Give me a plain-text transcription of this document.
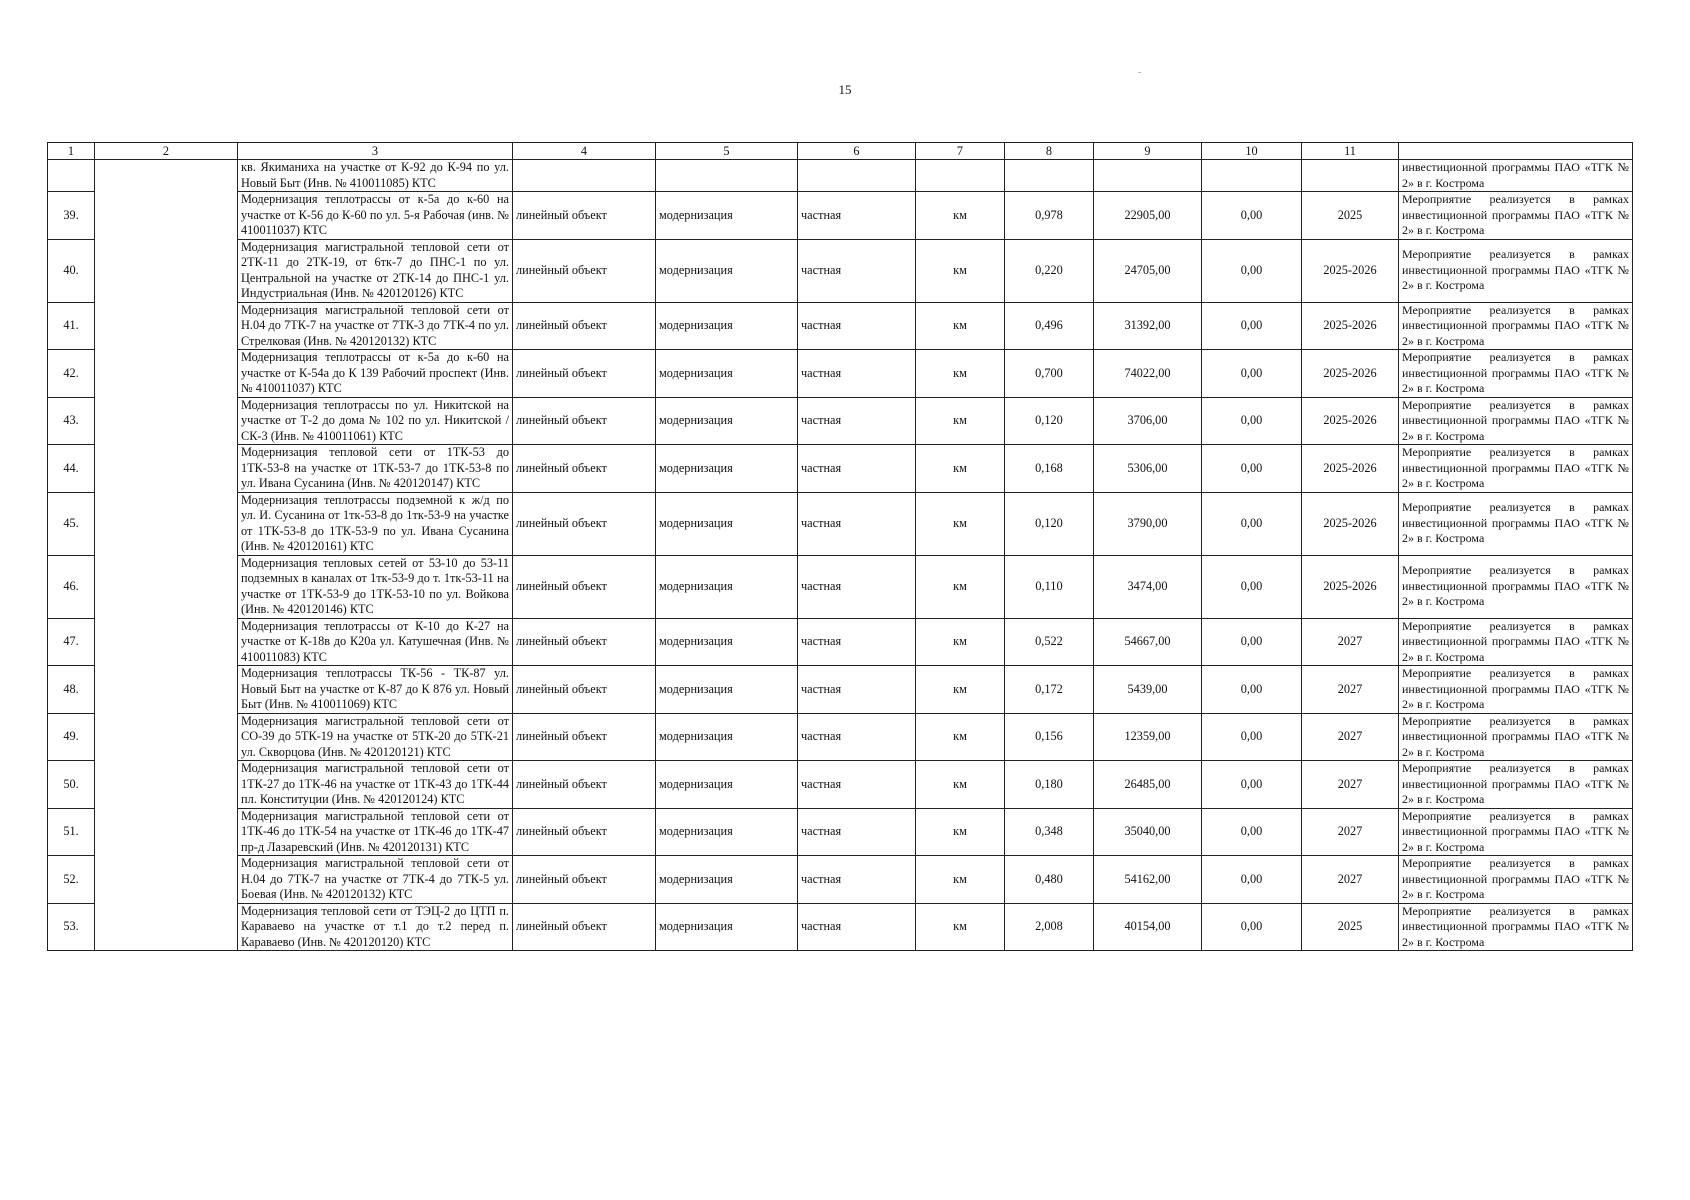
15
1	2	3	4	5	6	7	8	9	10	11	
		кв. Якиманиха на участке от К-92 до К-94 по ул. Новый Быт (Инв. № 410011085) КТС									инвестиционной программы ПАО «ТГК № 2» в г. Кострома
39.		Модернизация теплотрассы от к-5а до к-60 на участке от К-56 до К-60 по ул. 5-я Рабочая (инв. № 410011037) КТС	линейный объект	модернизация	частная	км	0,978	22905,00	0,00	2025	Мероприятие реализуется в рамках инвестиционной программы ПАО «ТГК № 2» в г. Кострома
40.		Модернизация магистральной тепловой сети от 2ТК-11 до 2ТК-19, от 6тк-7 до ПНС-1 по ул. Центральной на участке от 2ТК-14 до ПНС-1 ул. Индустриальная (Инв. № 420120126) КТС	линейный объект	модернизация	частная	км	0,220	24705,00	0,00	2025-2026	Мероприятие реализуется в рамках инвестиционной программы ПАО «ТГК № 2» в г. Кострома
41.		Модернизация магистральной тепловой сети от Н.04 до 7ТК-7 на участке от 7ТК-3 до 7ТК-4 по ул. Стрелковая (Инв. № 420120132) КТС	линейный объект	модернизация	частная	км	0,496	31392,00	0,00	2025-2026	Мероприятие реализуется в рамках инвестиционной программы ПАО «ТГК № 2» в г. Кострома
42.		Модернизация теплотрассы от к-5а до к-60 на участке от К-54а до К 139 Рабочий проспект (Инв. № 410011037) КТС	линейный объект	модернизация	частная	км	0,700	74022,00	0,00	2025-2026	Мероприятие реализуется в рамках инвестиционной программы ПАО «ТГК № 2» в г. Кострома
43.		Модернизация теплотрассы по ул. Никитской на участке от Т-2 до дома № 102 по ул. Никитской / СК-3 (Инв. № 410011061) КТС	линейный объект	модернизация	частная	км	0,120	3706,00	0,00	2025-2026	Мероприятие реализуется в рамках инвестиционной программы ПАО «ТГК № 2» в г. Кострома
44.		Модернизация тепловой сети от 1ТК-53 до 1ТК-53-8 на участке от 1ТК-53-7 до 1ТК-53-8 по ул. Ивана Сусанина (Инв. № 420120147) КТС	линейный объект	модернизация	частная	км	0,168	5306,00	0,00	2025-2026	Мероприятие реализуется в рамках инвестиционной программы ПАО «ТГК № 2» в г. Кострома
45.		Модернизация теплотрассы подземной к ж/д по ул. И. Сусанина от 1тк-53-8 до 1тк-53-9 на участке от 1ТК-53-8 до 1ТК-53-9 по ул. Ивана Сусанина (Инв. № 420120161) КТС	линейный объект	модернизация	частная	км	0,120	3790,00	0,00	2025-2026	Мероприятие реализуется в рамках инвестиционной программы ПАО «ТГК № 2» в г. Кострома
46.		Модернизация тепловых сетей от 53-10 до 53-11 подземных в каналах от 1тк-53-9 до т. 1тк-53-11 на участке от 1ТК-53-9 до 1ТК-53-10 по ул. Войкова (Инв. № 420120146) КТС	линейный объект	модернизация	частная	км	0,110	3474,00	0,00	2025-2026	Мероприятие реализуется в рамках инвестиционной программы ПАО «ТГК № 2» в г. Кострома
47.		Модернизация теплотрассы от К-10 до К-27 на участке от К-18в до К20а ул. Катушечная (Инв. № 410011083) КТС	линейный объект	модернизация	частная	км	0,522	54667,00	0,00	2027	Мероприятие реализуется в рамках инвестиционной программы ПАО «ТГК № 2» в г. Кострома
48.		Модернизация теплотрассы ТК-56 - ТК-87 ул. Новый Быт на участке от К-87 до К 876 ул. Новый Быт (Инв. № 410011069) КТС	линейный объект	модернизация	частная	км	0,172	5439,00	0,00	2027	Мероприятие реализуется в рамках инвестиционной программы ПАО «ТГК № 2» в г. Кострома
49.		Модернизация магистральной тепловой сети от СО-39 до 5ТК-19 на участке от 5ТК-20 до 5ТК-21 ул. Скворцова (Инв. № 420120121) КТС	линейный объект	модернизация	частная	км	0,156	12359,00	0,00	2027	Мероприятие реализуется в рамках инвестиционной программы ПАО «ТГК № 2» в г. Кострома
50.		Модернизация магистральной тепловой сети от 1ТК-27 до 1ТК-46 на участке от 1ТК-43 до 1ТК-44 пл. Конституции (Инв. № 420120124) КТС	линейный объект	модернизация	частная	км	0,180	26485,00	0,00	2027	Мероприятие реализуется в рамках инвестиционной программы ПАО «ТГК № 2» в г. Кострома
51.		Модернизация магистральной тепловой сети от 1ТК-46 до 1ТК-54 на участке от 1ТК-46 до 1ТК-47 пр-д Лазаревский (Инв. № 420120131) КТС	линейный объект	модернизация	частная	км	0,348	35040,00	0,00	2027	Мероприятие реализуется в рамках инвестиционной программы ПАО «ТГК № 2» в г. Кострома
52.		Модернизация магистральной тепловой сети от Н.04 до 7ТК-7 на участке от 7ТК-4 до 7ТК-5 ул. Боевая (Инв. № 420120132) КТС	линейный объект	модернизация	частная	км	0,480	54162,00	0,00	2027	Мероприятие реализуется в рамках инвестиционной программы ПАО «ТГК № 2» в г. Кострома
53.		Модернизация тепловой сети от ТЭЦ-2 до ЦТП п. Караваево на участке от т.1 до т.2 перед п. Караваево (Инв. № 420120120) КТС	линейный объект	модернизация	частная	км	2,008	40154,00	0,00	2025	Мероприятие реализуется в рамках инвестиционной программы ПАО «ТГК № 2» в г. Кострома
